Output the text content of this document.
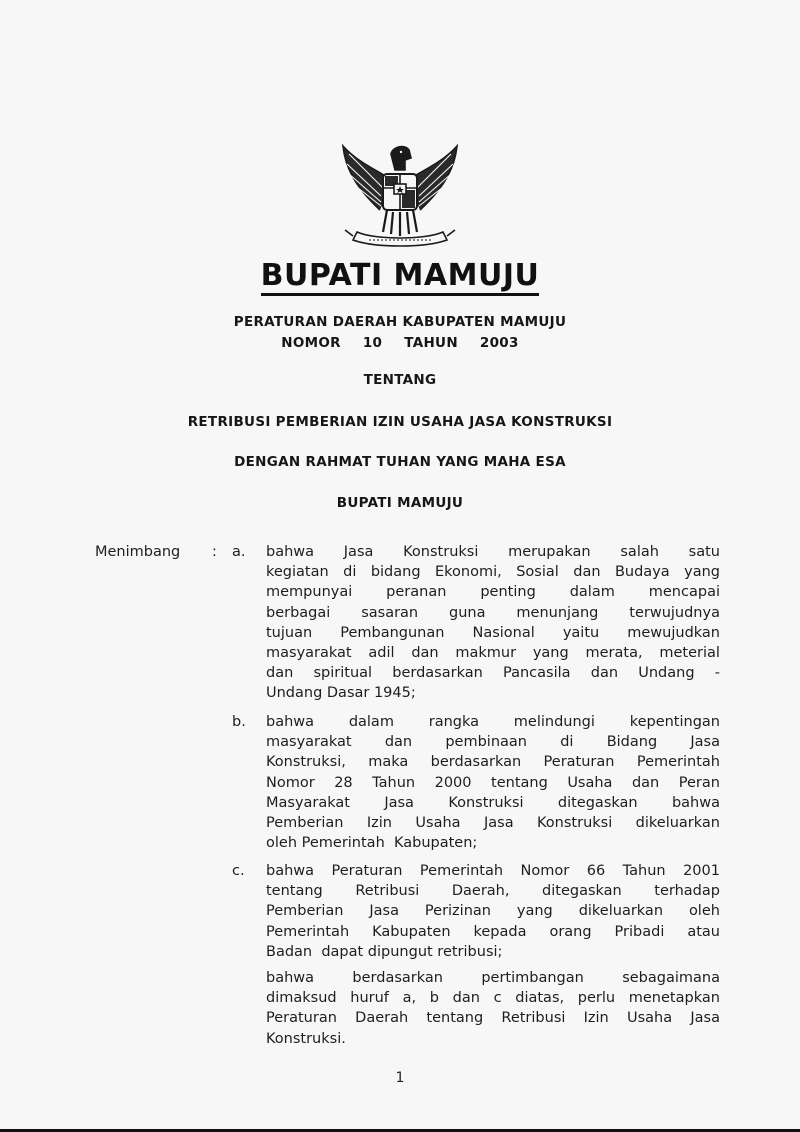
BUPATI MAMUJU
PERATURAN DAERAH KABUPATEN MAMUJU
NOMOR  10  TAHUN  2003
TENTANG
RETRIBUSI PEMBERIAN IZIN USAHA JASA KONSTRUKSI
DENGAN RAHMAT TUHAN YANG MAHA ESA
BUPATI MAMUJU
Menimbang : a. bahwa Jasa Konstruksi merupakan salah satu
kegiatan di bidang Ekonomi, Sosial dan Budaya yang
mempunyai peranan penting dalam mencapai
berbagai sasaran guna menunjang terwujudnya
tujuan Pembangunan Nasional yaitu mewujudkan
masyarakat adil dan makmur yang merata, meterial
dan spiritual berdasarkan Pancasila dan Undang -
Undang Dasar 1945;
b. bahwa dalam rangka melindungi kepentingan
masyarakat dan pembinaan di Bidang Jasa
Konstruksi, maka berdasarkan Peraturan Pemerintah
Nomor 28 Tahun 2000 tentang Usaha dan Peran
Masyarakat Jasa Konstruksi ditegaskan bahwa
Pemberian Izin Usaha Jasa Konstruksi dikeluarkan
oleh Pemerintah  Kabupaten;
c. bahwa Peraturan Pemerintah Nomor 66 Tahun 2001
tentang Retribusi Daerah, ditegaskan terhadap
Pemberian Jasa Perizinan yang dikeluarkan oleh
Pemerintah Kabupaten kepada orang Pribadi atau
Badan  dapat dipungut retribusi;
bahwa	berdasarkan	pertimbangan	sebagaimana
dimaksud huruf a, b dan c diatas, perlu menetapkan
Peraturan Daerah tentang Retribusi Izin Usaha Jasa
Konstruksi.
1
